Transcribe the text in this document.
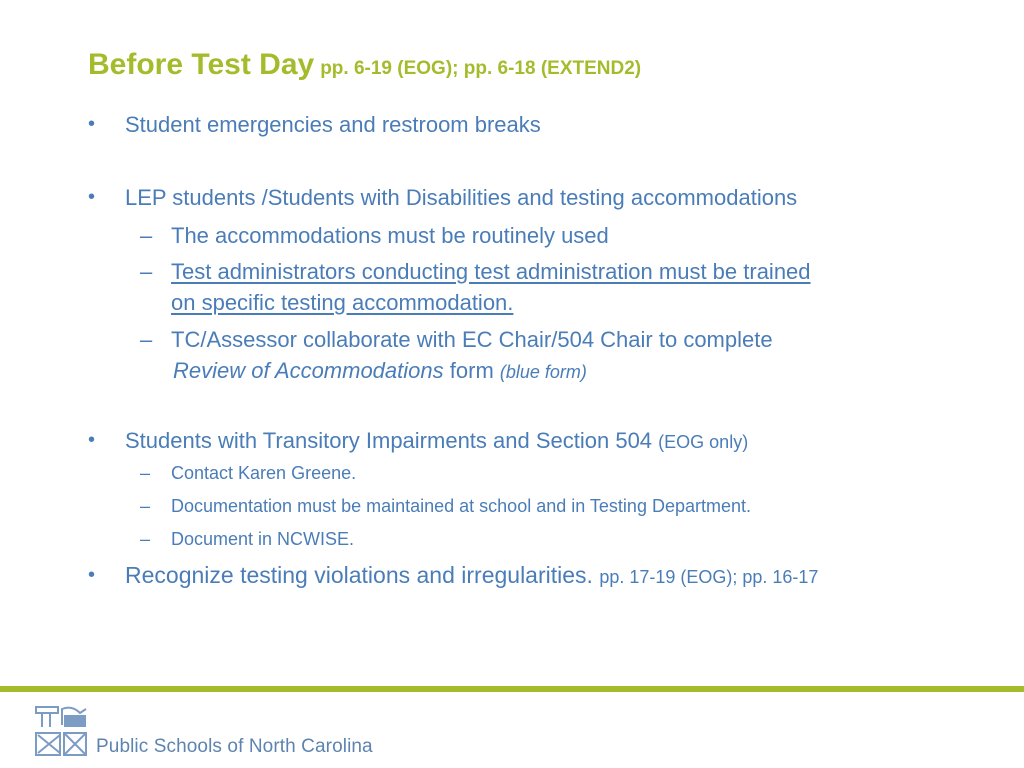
Before Test Day pp. 6-19 (EOG); pp. 6-18 (EXTEND2)
• Student emergencies and restroom breaks
• LEP students /Students with Disabilities and testing accommodations
– The accommodations must be routinely used
– Test administrators conducting test administration must be trained
on specific testing accommodation.
– TC/Assessor collaborate with EC Chair/504 Chair to complete
Review of Accommodations form (blue form)
• Students with Transitory Impairments and Section 504 (EOG only)
– Contact Karen Greene.
– Documentation must be maintained at school and in Testing Department.
– Document in NCWISE.
• Recognize testing violations and irregularities. pp. 17-19 (EOG); pp. 16-17
Public Schools of North Carolina
